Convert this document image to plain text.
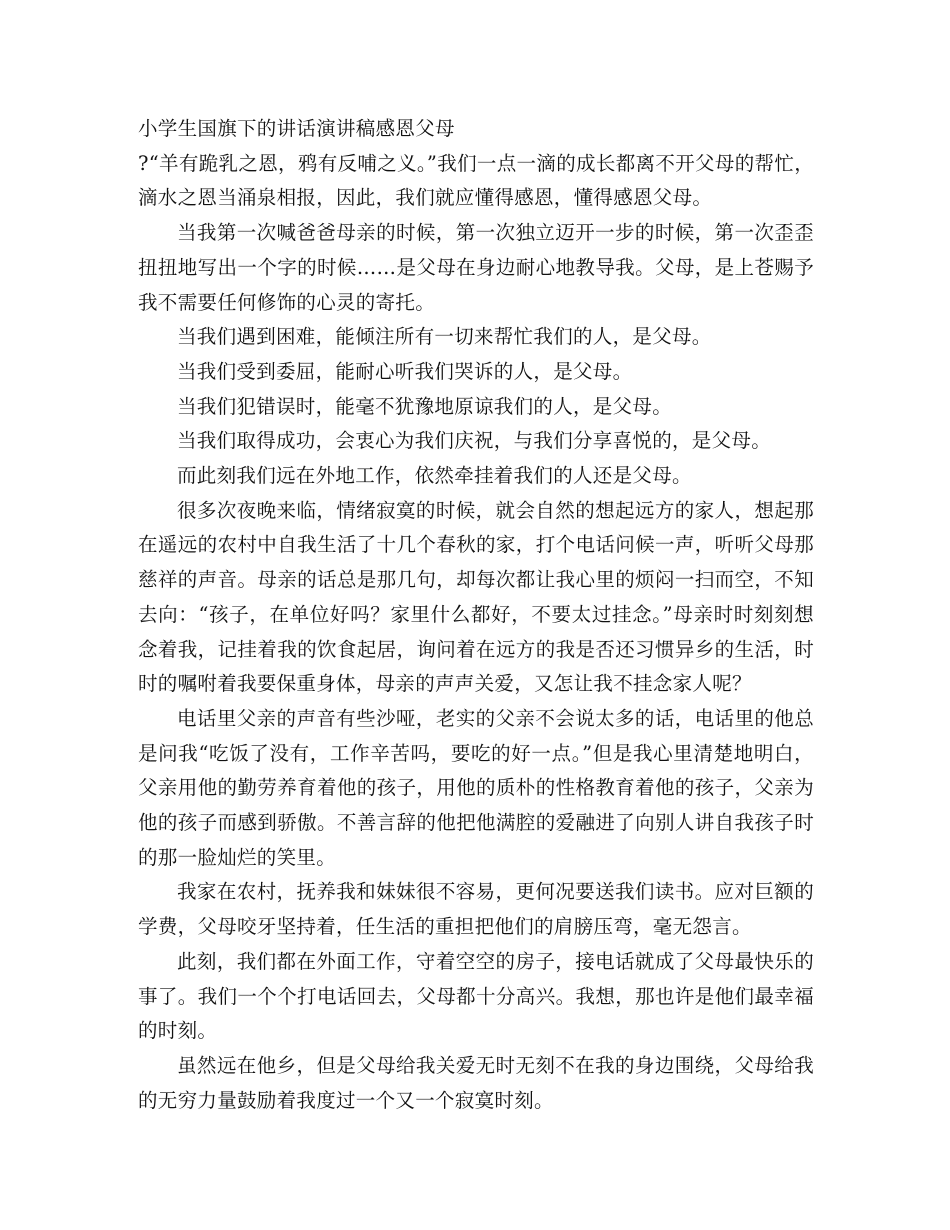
小学生国旗下的讲话演讲稿感恩父母

?“羊有跪乳之恩，鸦有反哺之义。”我们一点一滴的成长都离不开父母的帮忙，滴水之恩当涌泉相报，因此，我们就应懂得感恩，懂得感恩父母。

当我第一次喊爸爸母亲的时候，第一次独立迈开一步的时候，第一次歪歪扭扭地写出一个字的时候……是父母在身边耐心地教导我。父母，是上苍赐予我不需要任何修饰的心灵的寄托。

当我们遇到困难，能倾注所有一切来帮忙我们的人，是父母。

当我们受到委屈，能耐心听我们哭诉的人，是父母。

当我们犯错误时，能毫不犹豫地原谅我们的人，是父母。

当我们取得成功，会衷心为我们庆祝，与我们分享喜悦的，是父母。

而此刻我们远在外地工作，依然牵挂着我们的人还是父母。

很多次夜晚来临，情绪寂寞的时候，就会自然的想起远方的家人，想起那在遥远的农村中自我生活了十几个春秋的家，打个电话问候一声，听听父母那慈祥的声音。母亲的话总是那几句，却每次都让我心里的烦闷一扫而空，不知去向：“孩子，在单位好吗？家里什么都好，不要太过挂念。”母亲时时刻刻想念着我，记挂着我的饮食起居，询问着在远方的我是否还习惯异乡的生活，时时的嘱咐着我要保重身体，母亲的声声关爱，又怎让我不挂念家人呢？

电话里父亲的声音有些沙哑，老实的父亲不会说太多的话，电话里的他总是问我“吃饭了没有，工作辛苦吗，要吃的好一点。”但是我心里清楚地明白，父亲用他的勤劳养育着他的孩子，用他的质朴的性格教育着他的孩子，父亲为他的孩子而感到骄傲。不善言辞的他把他满腔的爱融进了向别人讲自我孩子时的那一脸灿烂的笑里。

我家在农村，抚养我和妹妹很不容易，更何况要送我们读书。应对巨额的学费，父母咬牙坚持着，任生活的重担把他们的肩膀压弯，毫无怨言。

此刻，我们都在外面工作，守着空空的房子，接电话就成了父母最快乐的事了。我们一个个打电话回去，父母都十分高兴。我想，那也许是他们最幸福的时刻。

虽然远在他乡，但是父母给我关爱无时无刻不在我的身边围绕，父母给我的无穷力量鼓励着我度过一个又一个寂寞时刻。
